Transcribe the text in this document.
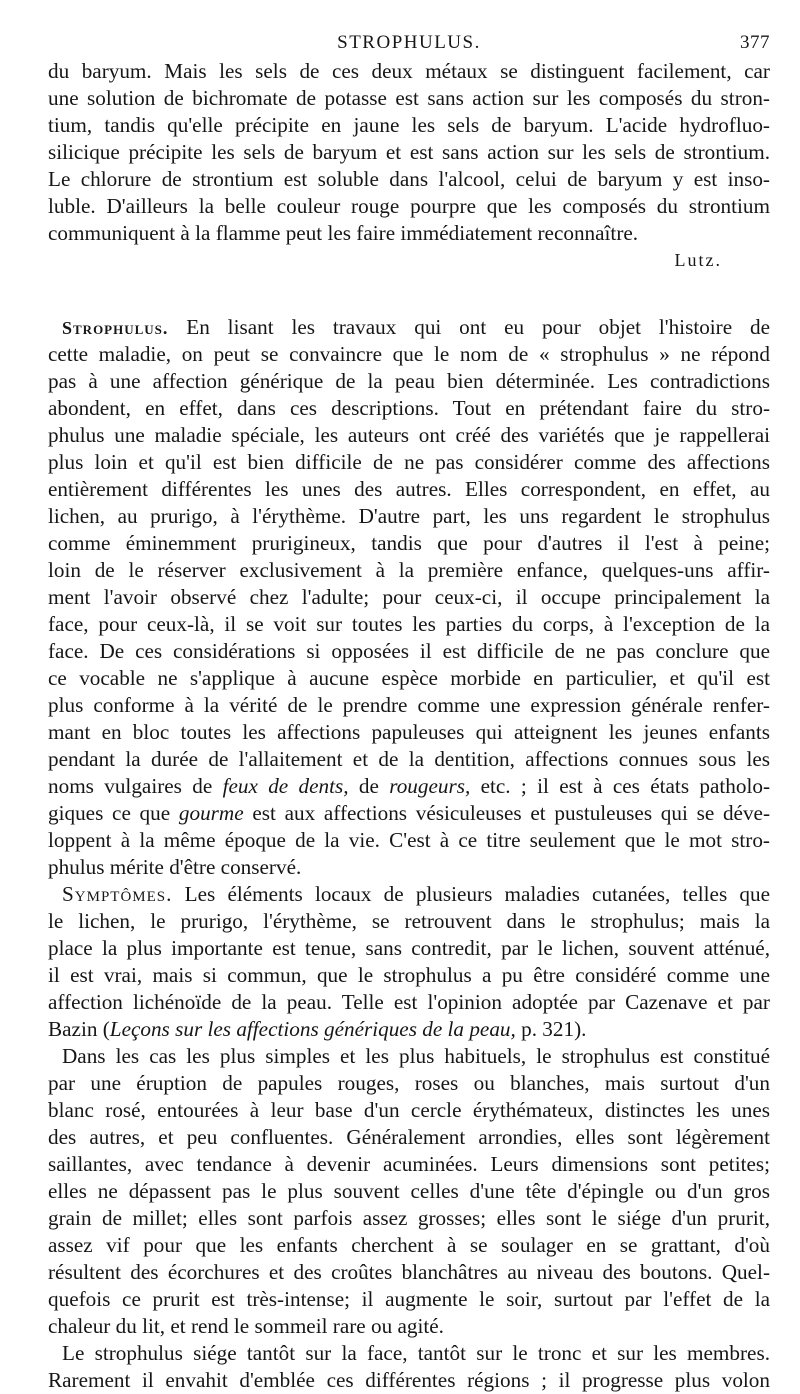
STROPHULUS.	377
du baryum. Mais les sels de ces deux métaux se distinguent facilement, car
une solution de bichromate de potasse est sans action sur les composés du stron-
tium, tandis qu'elle précipite en jaune les sels de baryum. L'acide hydrofluo-
silicique précipite les sels de baryum et est sans action sur les sels de strontium.
Le chlorure de strontium est soluble dans l'alcool, celui de baryum y est inso-
luble. D'ailleurs la belle couleur rouge pourpre que les composés du strontium
communiquent à la flamme peut les faire immédiatement reconnaître.
Lutz.
Strophulus. En lisant les travaux qui ont eu pour objet l'histoire de
cette maladie, on peut se convaincre que le nom de « strophulus » ne répond
pas à une affection générique de la peau bien déterminée. Les contradictions
abondent, en effet, dans ces descriptions. Tout en prétendant faire du stro-
phulus une maladie spéciale, les auteurs ont créé des variétés que je rappellerai
plus loin et qu'il est bien difficile de ne pas considérer comme des affections
entièrement différentes les unes des autres. Elles correspondent, en effet, au
lichen, au prurigo, à l'érythème. D'autre part, les uns regardent le strophulus
comme éminemment prurigineux, tandis que pour d'autres il l'est à peine;
loin de le réserver exclusivement à la première enfance, quelques-uns affir-
ment l'avoir observé chez l'adulte; pour ceux-ci, il occupe principalement la
face, pour ceux-là, il se voit sur toutes les parties du corps, à l'exception de la
face. De ces considérations si opposées il est difficile de ne pas conclure que
ce vocable ne s'applique à aucune espèce morbide en particulier, et qu'il est
plus conforme à la vérité de le prendre comme une expression générale renfer-
mant en bloc toutes les affections papuleuses qui atteignent les jeunes enfants
pendant la durée de l'allaitement et de la dentition, affections connues sous les
noms vulgaires de feux de dents, de rougeurs, etc. ; il est à ces états patholo-
giques ce que gourme est aux affections vésiculeuses et pustuleuses qui se déve-
loppent à la même époque de la vie. C'est à ce titre seulement que le mot stro-
phulus mérite d'être conservé.
Symptômes. Les éléments locaux de plusieurs maladies cutanées, telles que
le lichen, le prurigo, l'érythème, se retrouvent dans le strophulus; mais la
place la plus importante est tenue, sans contredit, par le lichen, souvent atténué,
il est vrai, mais si commun, que le strophulus a pu être considéré comme une
affection lichénoïde de la peau. Telle est l'opinion adoptée par Cazenave et par
Bazin (Leçons sur les affections génériques de la peau, p. 321).
Dans les cas les plus simples et les plus habituels, le strophulus est constitué
par une éruption de papules rouges, roses ou blanches, mais surtout d'un
blanc rosé, entourées à leur base d'un cercle érythémateux, distinctes les unes
des autres, et peu confluentes. Généralement arrondies, elles sont légèrement
saillantes, avec tendance à devenir acuminées. Leurs dimensions sont petites;
elles ne dépassent pas le plus souvent celles d'une tête d'épingle ou d'un gros
grain de millet; elles sont parfois assez grosses; elles sont le siége d'un prurit,
assez vif pour que les enfants cherchent à se soulager en se grattant, d'où
résultent des écorchures et des croûtes blanchâtres au niveau des boutons. Quel-
quefois ce prurit est très-intense; il augmente le soir, surtout par l'effet de la
chaleur du lit, et rend le sommeil rare ou agité.
Le strophulus siége tantôt sur la face, tantôt sur le tronc et sur les membres.
Rarement il envahit d'emblée ces différentes régions ; il progresse plus volon
